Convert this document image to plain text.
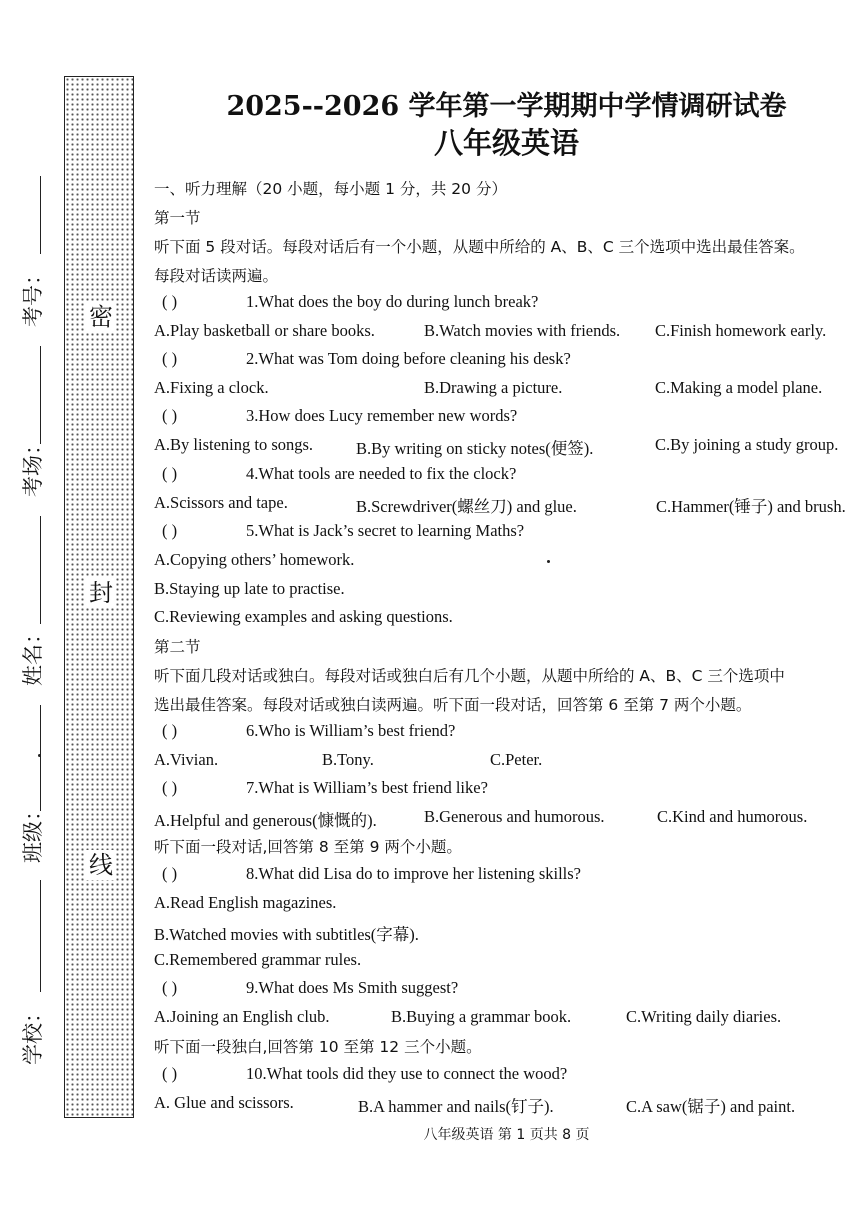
密
封
线
考号：
考场：
姓名：
班级：
学校：
2025--2026 学年第一学期期中学情调研试卷
八年级英语
一、听力理解（20 小题，每小题 1 分，共 20 分）
第一节
听下面 5 段对话。每段对话后有一个小题，从题中所给的 A、B、C 三个选项中选出最佳答案。
每段对话读两遍。
( )	1.What does the boy do during lunch break?
A.Play basketball or share books.	B.Watch movies with friends. C.Finish homework early.
( )	2.What was Tom doing before cleaning his desk?
A.Fixing a clock.	B.Drawing a picture.	C.Making a model plane.
( )	3.How does Lucy remember new words?
A.By listening to songs.	B.By writing on sticky notes(便签).	C.By joining a study group.
( )	4.What tools are needed to fix the clock?
A.Scissors and tape.	B.Screwdriver(螺丝刀) and glue.	C.Hammer(锤子) and brush.
( )	5.What is Jack’s secret to learning Maths?
A.Copying others’ homework.
B.Staying up late to practise.
C.Reviewing examples and asking questions.
第二节
听下面几段对话或独白。每段对话或独白后有几个小题，从题中所给的 A、B、C 三个选项中
选出最佳答案。每段对话或独白读两遍。听下面一段对话，回答第 6 至第 7 两个小题。
( )	6.Who is William’s best friend?
A.Vivian.	B.Tony.	C.Peter.
( )	7.What is William’s best friend like?
A.Helpful and generous(慷慨的).	B.Generous and humorous.	C.Kind and humorous.
听下面一段对话,回答第 8 至第 9 两个小题。
( )	8.What did Lisa do to improve her listening skills?
A.Read English magazines.
B.Watched movies with subtitles(字幕).
C.Remembered grammar rules.
( )	9.What does Ms Smith suggest?
A.Joining an English club.	B.Buying a grammar book.	C.Writing daily diaries.
听下面一段独白,回答第 10 至第 12 三个小题。
( )	10.What tools did they use to connect the wood?
A. Glue and scissors.	B.A hammer and nails(钉子).	C.A saw(锯子) and paint.
八年级英语 第 1 页共 8 页
